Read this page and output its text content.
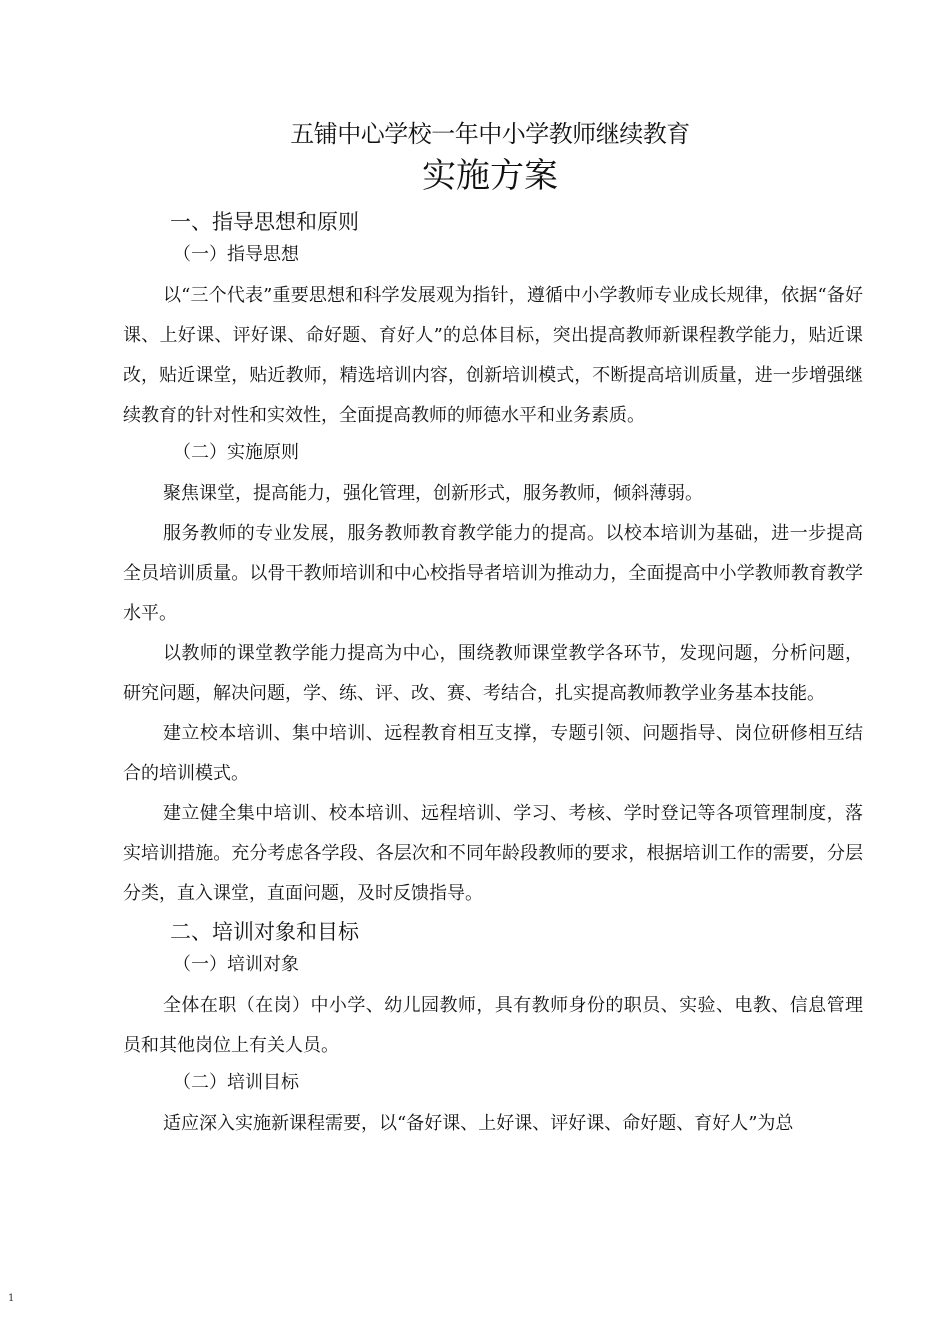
五铺中心学校一年中小学教师继续教育
实施方案
一、指导思想和原则
（一）指导思想

以“三个代表”重要思想和科学发展观为指针，遵循中小学教师专业成长规律，依据“备好课、上好课、评好课、命好题、育好人”的总体目标，突出提高教师新课程教学能力，贴近课改，贴近课堂，贴近教师，精选培训内容，创新培训模式，不断提高培训质量，进一步增强继续教育的针对性和实效性，全面提高教师的师德水平和业务素质。

（二）实施原则

聚焦课堂，提高能力，强化管理，创新形式，服务教师，倾斜薄弱。

服务教师的专业发展，服务教师教育教学能力的提高。以校本培训为基础，进一步提高全员培训质量。以骨干教师培训和中心校指导者培训为推动力，全面提高中小学教师教育教学水平。

以教师的课堂教学能力提高为中心，围绕教师课堂教学各环节，发现问题，分析问题，研究问题，解决问题，学、练、评、改、赛、考结合，扎实提高教师教学业务基本技能。

建立校本培训、集中培训、远程教育相互支撑，专题引领、问题指导、岗位研修相互结合的培训模式。

建立健全集中培训、校本培训、远程培训、学习、考核、学时登记等各项管理制度，落实培训措施。充分考虑各学段、各层次和不同年龄段教师的要求，根据培训工作的需要，分层分类，直入课堂，直面问题，及时反馈指导。

二、培训对象和目标
（一）培训对象

全体在职（在岗）中小学、幼儿园教师，具有教师身份的职员、实验、电教、信息管理员和其他岗位上有关人员。

（二）培训目标

适应深入实施新课程需要，以“备好课、上好课、评好课、命好题、育好人”为总

1
